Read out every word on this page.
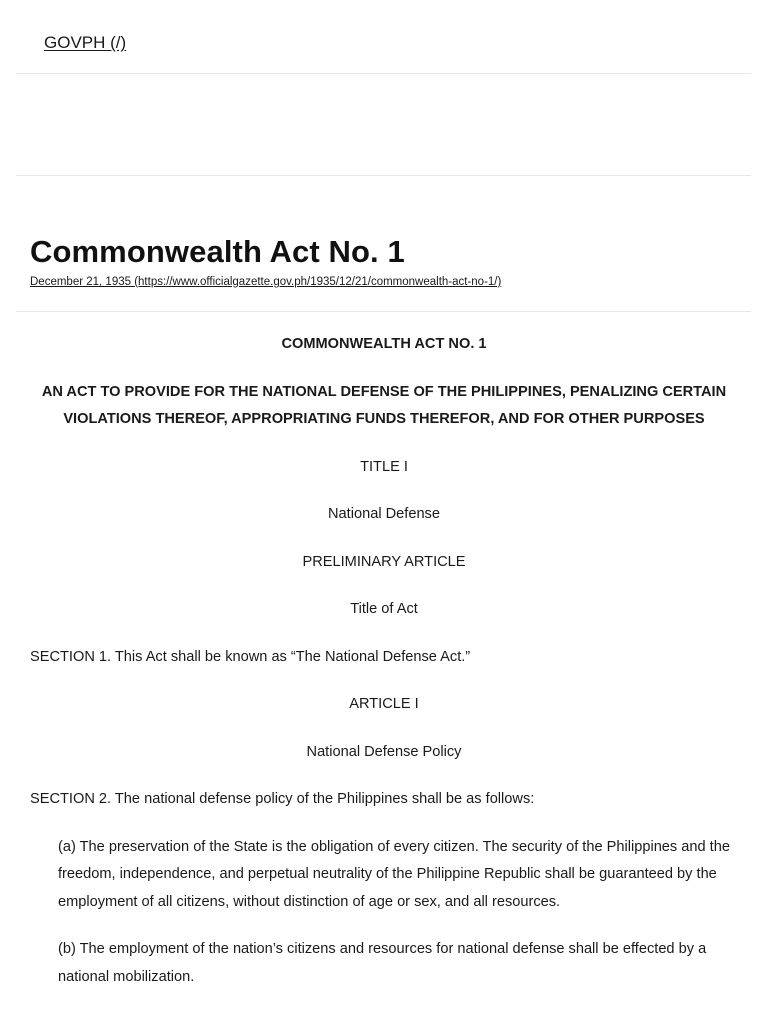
GOVPH (/)
Commonwealth Act No. 1
December 21, 1935 (https://www.officialgazette.gov.ph/1935/12/21/commonwealth-act-no-1/)

COMMONWEALTH ACT NO. 1

AN ACT TO PROVIDE FOR THE NATIONAL DEFENSE OF THE PHILIPPINES, PENALIZING CERTAIN VIOLATIONS THEREOF, APPROPRIATING FUNDS THEREFOR, AND FOR OTHER PURPOSES

TITLE I

National Defense

PRELIMINARY ARTICLE

Title of Act

SECTION 1. This Act shall be known as “The National Defense Act.”

ARTICLE I

National Defense Policy

SECTION 2. The national defense policy of the Philippines shall be as follows:

(a) The preservation of the State is the obligation of every citizen. The security of the Philippines and the freedom, independence, and perpetual neutrality of the Philippine Republic shall be guaranteed by the employment of all citizens, without distinction of age or sex, and all resources.

(b) The employment of the nation’s citizens and resources for national defense shall be effected by a national mobilization.
